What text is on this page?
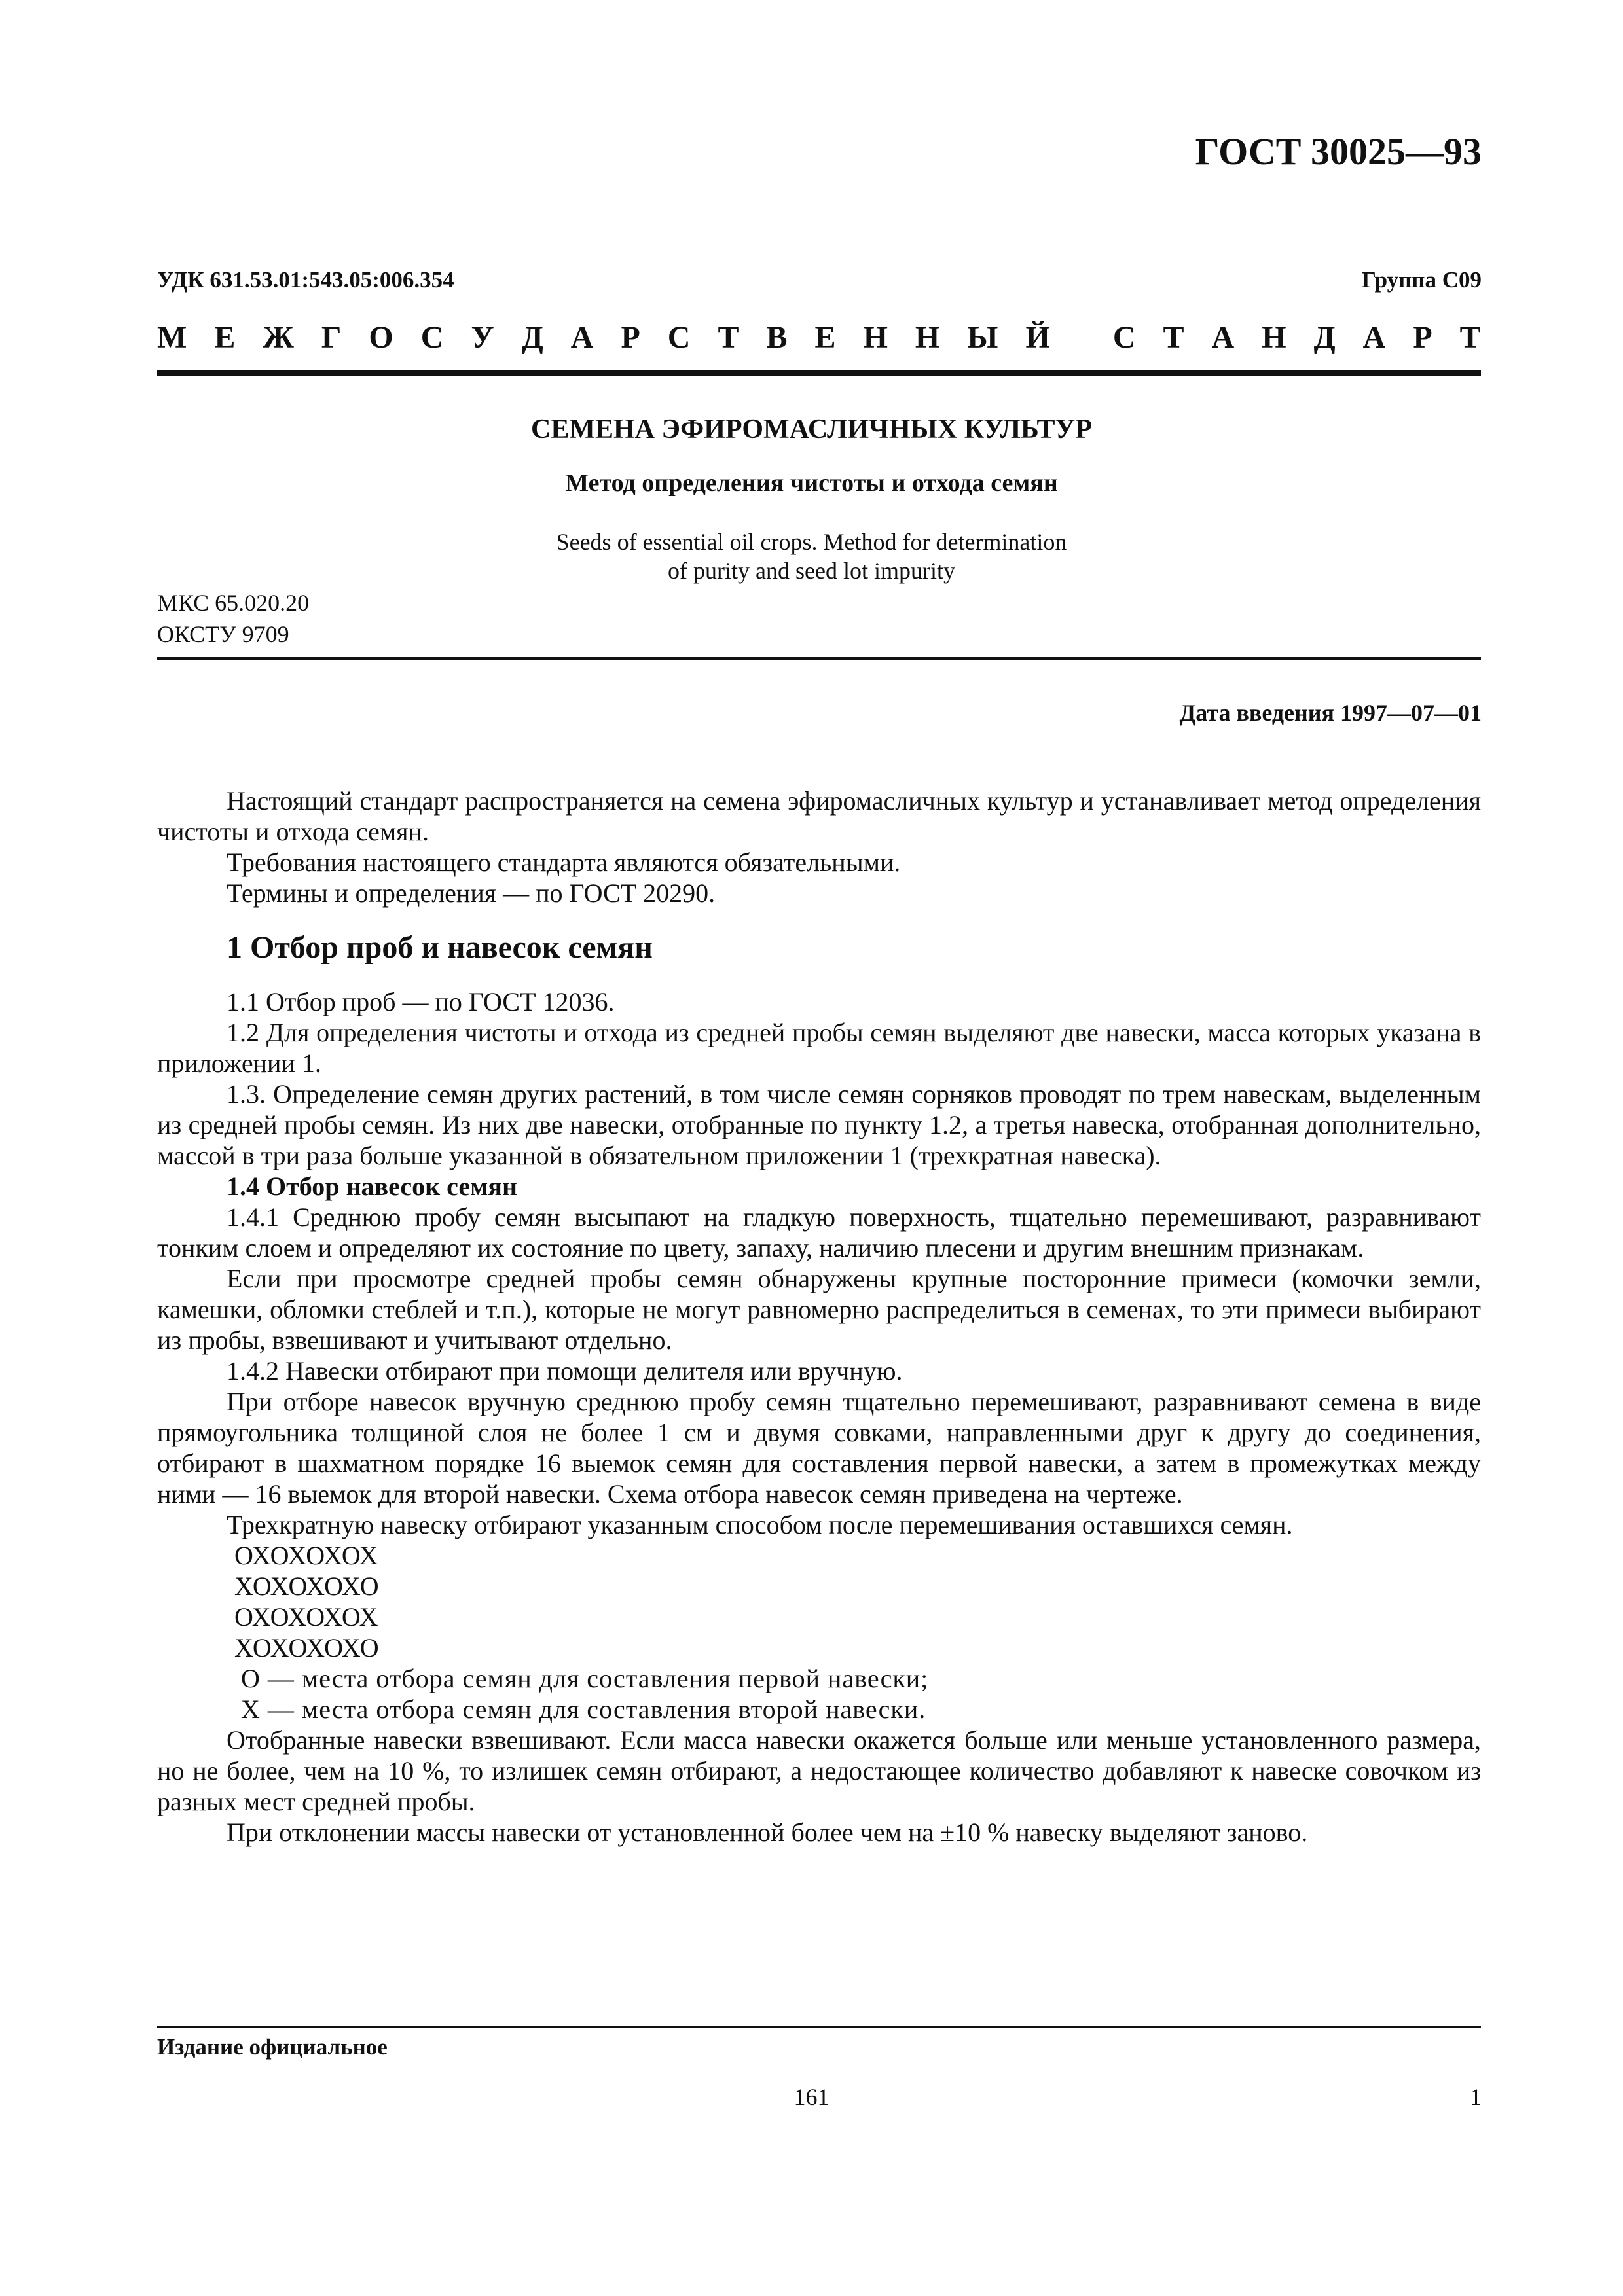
ГОСТ 30025—93
УДК 631.53.01:543.05:006.354	Группа С09
М Е Ж Г О С У Д А Р С Т В Е Н Н Ы Й
С Т А Н Д А Р Т
СЕМЕНА ЭФИРОМАСЛИЧНЫХ КУЛЬТУР
Метод определения чистоты и отхода семян
Seeds of essential oil crops. Method for determination
of purity and seed lot impurity
МКС 65.020.20
ОКСТУ 9709
Дата введения 1997—07—01

Настоящий стандарт распространяется на семена эфиромасличных культур и устанавливает метод определения чистоты и отхода семян.

Требования настоящего стандарта являются обязательными.

Термины и определения — по ГОСТ 20290.

1 Отбор проб и навесок семян

1.1 Отбор проб — по ГОСТ 12036.

1.2 Для определения чистоты и отхода из средней пробы семян выделяют две навески, масса которых указана в приложении 1.

1.3. Определение семян других растений, в том числе семян сорняков проводят по трем навескам, выделенным из средней пробы семян. Из них две навески, отобранные по пункту 1.2, а третья навеска, отобранная дополнительно, массой в три раза больше указанной в обязательном приложении 1 (трехкратная навеска).

1.4 Отбор навесок семян

1.4.1 Среднюю пробу семян высыпают на гладкую поверхность, тщательно перемешивают, разравнивают тонким слоем и определяют их состояние по цвету, запаху, наличию плесени и другим внешним признакам.

Если при просмотре средней пробы семян обнаружены крупные посторонние примеси (комочки земли, камешки, обломки стеблей и т.п.), которые не могут равномерно распределиться в семенах, то эти примеси выбирают из пробы, взвешивают и учитывают отдельно.

1.4.2 Навески отбирают при помощи делителя или вручную.

При отборе навесок вручную среднюю пробу семян тщательно перемешивают, разравнивают семена в виде прямоугольника толщиной слоя не более 1 см и двумя совками, направленными друг к другу до соединения, отбирают в шахматном порядке 16 выемок семян для составления первой навески, а затем в промежутках между ними — 16 выемок для второй навески. Схема отбора навесок семян приведена на чертеже.

Трехкратную навеску отбирают указанным способом после перемешивания оставшихся семян.

ОХОХОХОХ
ХОХОХОХО
ОХОХОХОХ
ХОХОХОХО
О — места отбора семян для составления первой навески;
Х — места отбора семян для составления второй навески.

Отобранные навески взвешивают. Если масса навески окажется больше или меньше установленного размера, но не более, чем на 10 %, то излишек семян отбирают, а недостающее количество добавляют к навеске совочком из разных мест средней пробы.

При отклонении массы навески от установленной более чем на ±10 % навеску выделяют заново.

Издание официальное
161	1
